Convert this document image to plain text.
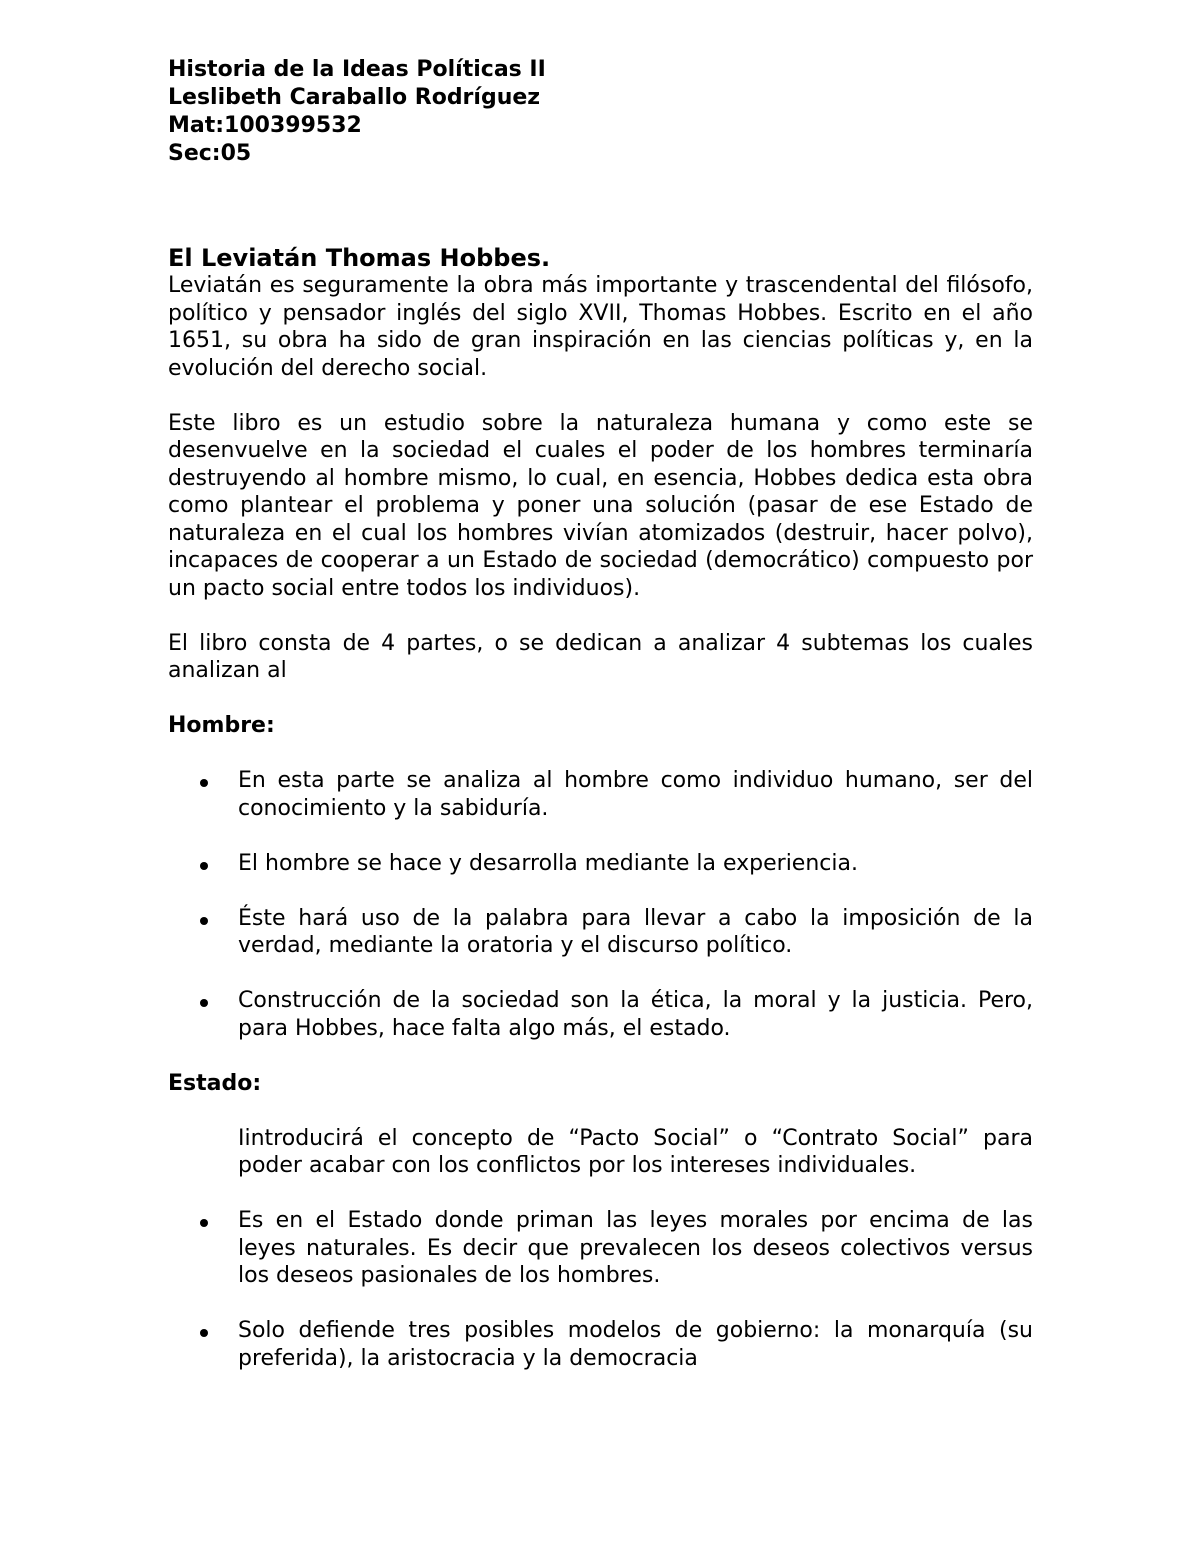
Historia de la Ideas Políticas II

Leslibeth Caraballo Rodríguez

Mat:100399532

Sec:05

El Leviatán Thomas Hobbes.

Leviatán es seguramente la obra más importante y trascendental del filósofo, político y pensador inglés del siglo XVII, Thomas Hobbes. Escrito en el año 1651, su obra ha sido de gran inspiración en las ciencias políticas y, en la evolución del derecho social.

Este libro es un estudio sobre la naturaleza humana y como este se desenvuelve en la sociedad el cuales el poder de los hombres terminaría destruyendo al hombre mismo, lo cual, en esencia, Hobbes dedica esta obra como plantear el problema y poner una solución (pasar de ese Estado de naturaleza en el cual los hombres vivían atomizados (destruir, hacer polvo), incapaces de cooperar a un Estado de sociedad (democrático) compuesto por un pacto social entre todos los individuos).

El libro consta de 4 partes, o se dedican a analizar 4 subtemas los cuales analizan al

Hombre:

En esta parte se analiza al hombre como individuo humano, ser del conocimiento y la sabiduría.
El hombre se hace y desarrolla mediante la experiencia.
Éste hará uso de la palabra para llevar a cabo la imposición de la verdad, mediante la oratoria y el discurso político.
Construcción de la sociedad son la ética, la moral y la justicia. Pero, para Hobbes, hace falta algo más, el estado.

Estado:

Iintroducirá el concepto de “Pacto Social” o “Contrato Social” para poder acabar con los conflictos por los intereses individuales.

Es en el Estado donde priman las leyes morales por encima de las leyes naturales. Es decir que prevalecen los deseos colectivos versus los deseos pasionales de los hombres.
Solo defiende tres posibles modelos de gobierno: la monarquía (su preferida), la aristocracia y la democracia
